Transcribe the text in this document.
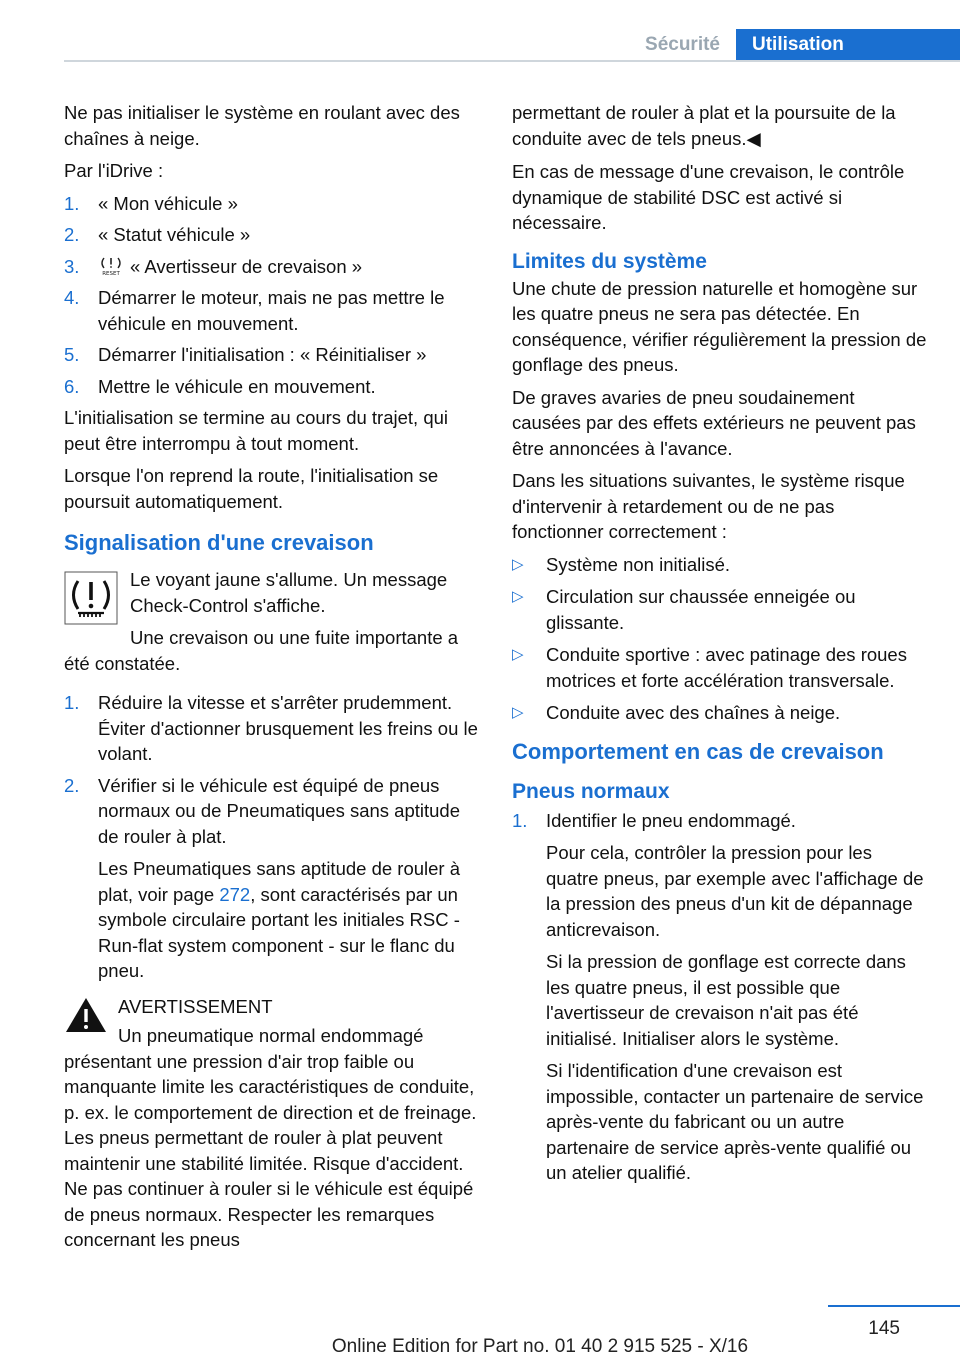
Sécurité	Utilisation

Ne pas initialiser le système en roulant avec des chaînes à neige.

Par l'iDrive :

1. « Mon véhicule »
2. « Statut véhicule »
3.	RESET « Avertisseur de crevaison »
4. Démarrer le moteur, mais ne pas mettre le véhicule en mouvement.
5. Démarrer l'initialisation : « Réinitialiser »
6. Mettre le véhicule en mouvement.

L'initialisation se termine au cours du trajet, qui peut être interrompu à tout moment.

Lorsque l'on reprend la route, l'initialisation se poursuit automatiquement.

Signalisation d'une crevaison

Le voyant jaune s'allume. Un message Check-Control s'affiche.

Une crevaison ou une fuite importante a été constatée.

1. Réduire la vitesse et s'arrêter prudemment. Éviter d'actionner brusquement les freins ou le volant.
2. Vérifier si le véhicule est équipé de pneus normaux ou de Pneumatiques sans aptitude de rouler à plat.
Les Pneumatiques sans aptitude de rouler à plat, voir page 272, sont caractérisés par un symbole circulaire portant les initiales RSC - Run-flat system component - sur le flanc du pneu.

AVERTISSEMENT

Un pneumatique normal endommagé présentant une pression d'air trop faible ou manquante limite les caractéristiques de conduite, p. ex. le comportement de direction et de freinage. Les pneus permettant de rouler à plat peuvent maintenir une stabilité limitée. Risque d'accident. Ne pas continuer à rouler si le véhicule est équipé de pneus normaux. Respecter les remarques concernant les pneus

permettant de rouler à plat et la poursuite de la conduite avec de tels pneus.◀

En cas de message d'une crevaison, le contrôle dynamique de stabilité DSC est activé si nécessaire.

Limites du système

Une chute de pression naturelle et homogène sur les quatre pneus ne sera pas détectée. En conséquence, vérifier régulièrement la pression de gonflage des pneus.

De graves avaries de pneu soudainement causées par des effets extérieurs ne peuvent pas être annoncées à l'avance.

Dans les situations suivantes, le système risque d'intervenir à retardement ou de ne pas fonctionner correctement :

▷ Système non initialisé.
▷ Circulation sur chaussée enneigée ou glissante.
▷ Conduite sportive : avec patinage des roues motrices et forte accélération transversale.
▷ Conduite avec des chaînes à neige.
Comportement en cas de crevaison
Pneus normaux
1. Identifier le pneu endommagé.
Pour cela, contrôler la pression pour les quatre pneus, par exemple avec l'affichage de la pression des pneus d'un kit de dépannage anticrevaison.
Si la pression de gonflage est correcte dans les quatre pneus, il est possible que l'avertisseur de crevaison n'ait pas été initialisé. Initialiser alors le système.
Si l'identification d'une crevaison est impossible, contacter un partenaire de service après-vente du fabricant ou un autre partenaire de service après-vente qualifié ou un atelier qualifié.
145
Online Edition for Part no. 01 40 2 915 525 - X/16
